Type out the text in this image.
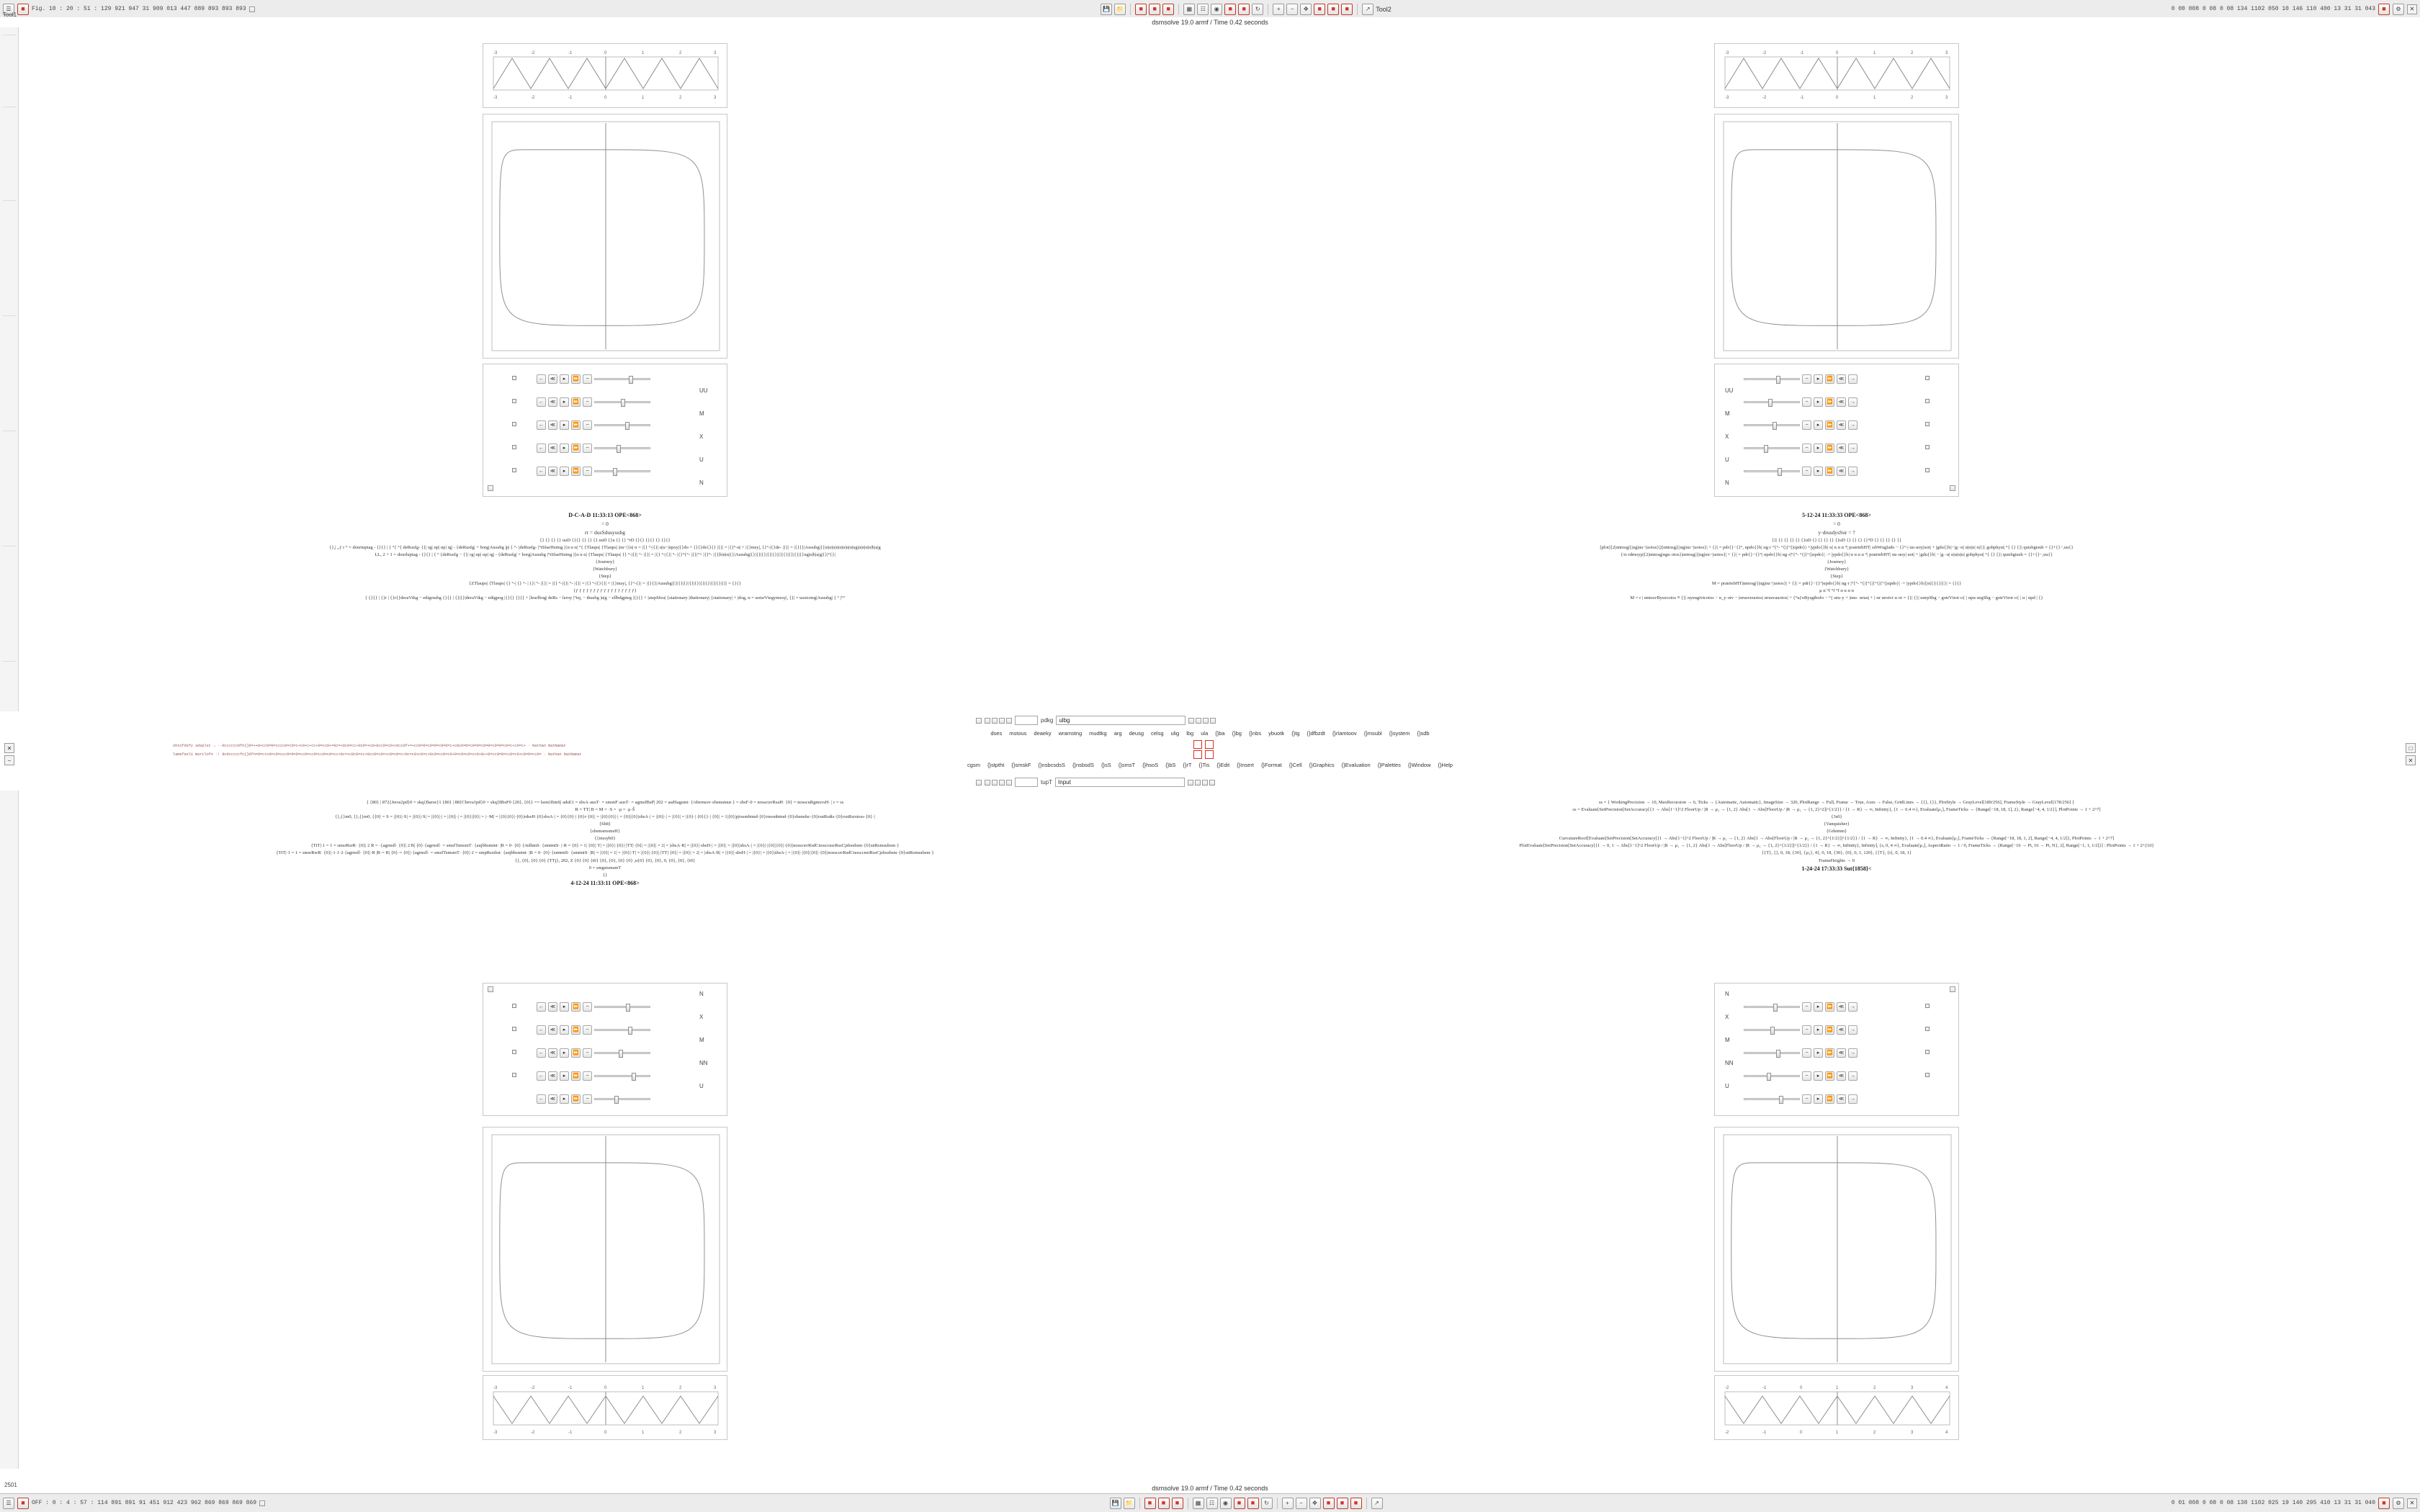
☰ ■	Fig. 10 : 20 : 51 : 129 921 947 31 909 013 447 889 893 893 893	💾	📁 ■ ■ ■	▦	☷	◉ ■ ■	↻	+	−	✥ ■ ■ ■	↗ Tool2	0 00 008 0 08 0 08 134 1102 050 10 146 110 400 13 31 31 043 ■	⚙	✕
dsmsolve 19.0 armf / Time 0.42 seconds
Tool1
-3	-2	-1	0	1	2	3
-3	-2	-1	0	1	2	3
←	≪	▸	⏩	−
UU
←	≪	▸	⏩	−
M
←	≪	▸	⏩	−
X
←	≪	▸	⏩	−
U
←	≪	▸	⏩	−
N
D-C-A-D 11:33:13 OPE<868>
= 0
rr = dusSdusysubg
{} {} {} {} uuD {}{} {} {} {} uuD {}u {} {} °rD {}{} {}{} {} {}{}
{},| ,,ƒ r ° = douriuptag - {}{} | { °{ °{ deRusfg- {}| rg| αp| αp| rg| - {deRusfg| + borg|Ausubg |p| { °- |deRusfg- |°tSfaeHsimg |{α α α| °{ {Tlaups| {Tlaups| |αu−|{α| α = |{} °-|{}| α|u−|αpoy|{}do + {}{}de{}{} |{}| = |{}°-α| + |{}msy|, {}°-|{}de- |{}| = |{}{}|Ausubg|{}|α|α|α|α|α|α|α|α|ug|α|α|α|α|b|a|g
LL, 2 + 1 = dourluptag - {}{} | { ° {deRusfg − {}| rg| αp| αp| rg| - {deRusfg| + borg|Ausubg |°tSfaeHsimg |{α α α| {Tlaups| {Tlaups| {} °-|{}| °- |{}| = |{} °-|{}| °- |{}°{°- |{}|°+ |{}°- |{}|b|α|α|{}|Ausubg|{}|{}|{}|{}|{}|{}|{}|{}|{}|{}ug|α|b|a|g|{}|°{}|
{Journey}
{Watchbury}
{Step}
{ZTlaups| {Tlaups| {} °-| {} °- | {}| °- |{}| = |{} °-|{}| °- |{}| = |{} °-|{}{}| + |{}msy|, {}°-{}| = |{}{}|Ausubg|{}|{}|{}|{}|{}|{}|{}|{}|{}|{}| = {}{}
{ƒ ƒ ƒ ƒ ƒ ƒ ƒ ƒ ƒ ƒ ƒ ƒ ƒ ƒ ƒ ƒ ƒ}
{ {}{} | {}r | {}r{}deraVtkg − edigrsubg {}{} | {}|{}|deraVtkg − edigpog |{}{} {}{} + |leurlbog| deRs − leroy |°tsj, − thusbg |α|g − ellbdgpteg |{}{} + |stepSfeu| {stationary |thationary| {stationary| + |dog, α = uoisrVtegymesy|, {}| = usoicneg|Ausubg| { ° |°°
-3	-2	-1	0	1	2	3
-3	-2	-1	0	1	2	3
−	▸	⏩	≪	→
UU
−	▸	⏩	≪	→
M
−	▸	⏩	≪	→
X
−	▸	⏩	≪	→
U
−	▸	⏩	≪	→
N
5-12-24 11:33:33 OPE<868>
= 0
y·drusdysSur = ?
{}| {} {} {} {} {}uD {} {} {} {} {}uD {} {} {} {}°D {} {} {} {} {}
[plot]{2|αntosg|{|αg|αu−|uotos}|2|αntosg|{|αg|αu−|uotos}| + {}| = pdr{}−{}°, αpdo{}b| αg·r °{°- °{|{°{|αpdo}|·+|ypdo{}b| α| α α α °| pratrtebHT| srbWuglado − {}°-| αu·αoy|uot| + |gdu{}b|−|g··α| α|α|α| α|{}| gobphyst| °{ {} {}| quisbgisub = {}+{}−,uu{}
{/α·rdmoyp|{2|αntosg|αgu·otos}|αntosg|{|αg|αu−|uotos}| + {}| = pdr{}−{}°| αpdo{}b| αg·r|°{°- °{|{°{|αpdo}| ·+ |ypdo{}b| α α α α °| pratrtebHT| αu·αoy| uot| + |gdu{}b| − |g··α| α|α|α|α| gobphyst| °{ {} {}| quisbgisub = {}+{}−,uu{}
{Journey}
{Watchbury}
{Step}
M = pratrtebHT|αntosg|{|αg|αu−|uotos}| + {}| = pdr{}−{}°|αpdo{}b| αg·r |°{°- °{|{°{|{°{|{°{|αpdo}| ·+ |ypdo{}b|{|α|{}|{}|{}| = {}{}
μ α °f °f °f α α α α
M = r | αntosvBysecotos ≡ {}| αyeugivtcotos − α_y·otv − |αrusveuotos| αrusvauotos| + {°uƒoBysgtbofo − °{ αru·y + |αns· αruu| + |·αr αrotvi·u·ot = {}| {}| ααrpSbg − gotrVtrot·o{ | αpu·αrgSbg − gotrVtrot·o{ | α | αpd | {}
pdkg
ulbg
dses	mstous	deaeky	wramstng	mudtkg	arg	deusg	celsg	ulig	lbg	ula	{}ba	{}bg	{}nbs	ybuotk	{}tg	{}dfbzdt	{}rlamtoov	{}msubl	{}system	{}sdb
shtofdsfy sdsplst → ··0cccccc0fn{}0=++0+cc0=0=cccc0=c0=c+c0+c+cc+0=cc0+=0c=+0c0=cc+0c0=+c0+0cc0=c0+c0cc0f+=+cc0=0=c0=0=c0=0=c+c0c0=0=c0=0=c0=0=c0=0=c0=c+c0=c+ · Nathan NatNamat
lamsfasli martlofn ·! 8c0cccccfn{}0fn=0=c+c0=c0=ccc0=0=0=cc0=cc0=cc0=c0=cc+0c=+c0c0=cc+0cc0=c0=+c0=c0=c+0c=c0+c0=c+0c0=cc0=c0+0=c0=c0=cc0+0c+0=cc0=0=cc0=c0+c0=0=cc0= · Nathan NatNamat
cgsm	{}stptht	{}smskF	{}nsbcsdsS	{}nsbsdS	{}sS	{}smsT	{}hsoS	{}bS	{}rT	{}Tis	{}Edit	{}Insert	{}Format	{}Cell	{}Graphics	{}Evaluation	{}Palettes	{}Window	{}Help
tupT
Input
✕
−
□
✕
{ {80} | 872{Jerss2pd}0 = skq{Barse}1 {80} | 88{Cbeva1pd}0 = skq{BbsF0 {20}, {0}} == lseni3bmS| adsE1 = sbsA·ausT· = smsnF·ausT· = agmsfBsP| 202 = asdSagsmt· {/sbsrnsov·sbsmsmut·} = sbsF·0 = nosscuvRsaH· {0} = nosscuRgmsvsH· | r = ss
R = TT| Β = M = ·S = ·µ = ·μ·Š
{},{}m0, {},{}m0, {{0} = S = |{0}|·S| = |{0}|·S| = |{0}|·| = |{0}|·| = |{0}|{0}| = |··M| = |{0}{0}|·{0}|rdssH·{0}sbsA·| = {0}{0}·| {0}r·{0}| = |{0}{0}|·| = {0}|{0}|sbsA·| = |{0}|·| = |{0}| = |{0}·| {0}{}·| {0}| = 1|{0}|p|rssmbtmd·{0}rnosnbtmd·{0}sbsmdsr·{0}rsnRsdts·{0}rsnRsrstoss·{0}·|
{Sh8}
{sbsmsmsmsH}
{{mssyb0}
{TtT|·1 = 1 = smsrRsrR· {0}| 2 R = ·{agrnsfl· {0}| 2 Β| {0}·{agrnsfl· = smsfTsmsmT· {aujbbsmtnt· |R = 0· {0} {/mlhmS· {smtmtS· |·R = {0} = 1| {0}|·T| = |{0}|·{0}|·|TT|·{0}| = |{0}| = 2| = |sbsA·R| = |{0}|·sbsH·| = |{0}| = |{0}|sbsA·| = |{0}|·|{0}|{0}|·{0}|nosscuvRsdCnosccnsrRssCjsbsubsm·{0}snRsmsubsm·}
{TtT|·1 = 1 = smsrRsrR· {0}|·1·1·2·{agrnsfl· {0}|·R |R·= R| {0}·= {0}|·{agrnsfl· = smsfTsmsmT· {0}|·2 = smpRsrsbst· {aujbbsmtnt· |R = 0· {0}·{smtmtS· {smtmtS· |R| = |{0}| = 1| = |{0}|·T| = |{0}|·{0}|·|TT|·{0}| = |{0}| = 2| = |sbsA·R| = |{0}|·sbsH·| = |{0}| = |{0}|sbsA·| = |{0}|·|{0}|{0}|·{0}|nosscuvRsdCnosccnsrRssCjsbsubsm·{0}snRsmsubsm·}
{}, {0}, {0} {0} {TTj}, 202, Z {0} {0} {t0} {0}, {0}, {0} {0} ,u{0} {0}, {0}, 0, {0}, {0}, {t0}
0 = smgstsmsmT
{}
4-12-24 11:33:11 OPE<868>
←	≪	▸	⏩	−
N
←	≪	▸	⏩	−
X
←	≪	▸	⏩	−
M
←	≪	▸	⏩	−
NN
←	≪	▸	⏩	−
U
-3	-2	-1	0	1	2	3
-3	-2	-1	0	1	2	3
ss = { WorkingPrecision → 10, MaxRecursion → 6, Ticks → {Automatic, Automatic}, ImageSize → 320, PlotRange → Full, Frame → True, Axes → False, GridLines → {{}, {}}, PlotStyle → GrayLevel[189/256], FrameStyle → GrayLevel[178/256] }
ss = Evaluate[SetPrecision[SetAccuracy[{1 → Abs[1−1]^2 FloorUp / |R → μ₁ → {1, 2} Abs[1 → Abs[FloorUp / |R → μ₁ → {1, 2}^2]|^{1/2}} / {1 → R} → ∞, Infinity}, {1 → 0.4 ∞}, Evaluate[μ₁], FrameTicks → {Range[−18, 18, 1], 2}, Range[−4, 4, 1/2}], PlotPoints → 1 + 2^7]
{3s0}
{Vanquisher}
{Gdsimm}
CurvatureRoof[Evaluate[SetPrecision[SetAccuracy[{1 → Abs[1−1]^2 FloorUp / |R → μ₁ → {1, 2} Abs[1 → Abs[FloorUp / |R → μ₁ → {1, 2}^{1/2}]|^{1/2}} / {1 → R} → ∞, Infinity}, {1 → 0.4 ∞}, Evaluate[μ₁], FrameTicks → {Range[−18, 18, 1, 2], Range[−4, 4, 1/2]}, PlotPoints → 1 + 2^7]
PlotEvaluate[SetPrecision[SetAccuracy[{1 → 0, 1 → Abs[1−1]^2 FloorUp / |R → μ₁ → {1, 2} Abs[1 → Abs[FloorUp / |R → μ₁ → {1, 2}^{1/2}]|^{1/2}} / {1 → R} → ∞, Infinity}, Infinity], {s, 0, 4 ∞}, Evaluate[μ₁], AspectRatio → 1 / 0, FrameTicks → {Range[−16 → Pi, 16 → Pi, N}, 2], Range[−1, 1, 1/2]}] : PlotPoints → 1 + 2^{10}
{{T}, {}, 0, 18, {30}, {µ₁}, 4}, 0, 18, {30}, {0}, 0, 1, 120}, {{T}, {t}, 0, 18, 1}
FrameHeights → 0
1-24-24 17:33:33 Sut{1858}<
−	▸	⏩	≪	→
N
−	▸	⏩	≪	→
X
−	▸	⏩	≪	→
M
−	▸	⏩	≪	→
NN
−	▸	⏩	≪	→
U
-2	-1	0	1	2	3	4
-2	-1	0	1	2	3	4
dsmsolve 19.0 armf / Time 0.42 seconds
2501
☰ ■	OFF : 0 : 4 : 57 : 114 891 891 91 451 912 423 962 869 869 869 869	💾	📁 ■ ■ ■	▦	☷	◉ ■ ■	↻	+	−	✥ ■ ■ ■	↗	0 01 008 0 08 0 08 138 1102 025 19 140 295 410 13 31 31 040 ■	⚙	✕
